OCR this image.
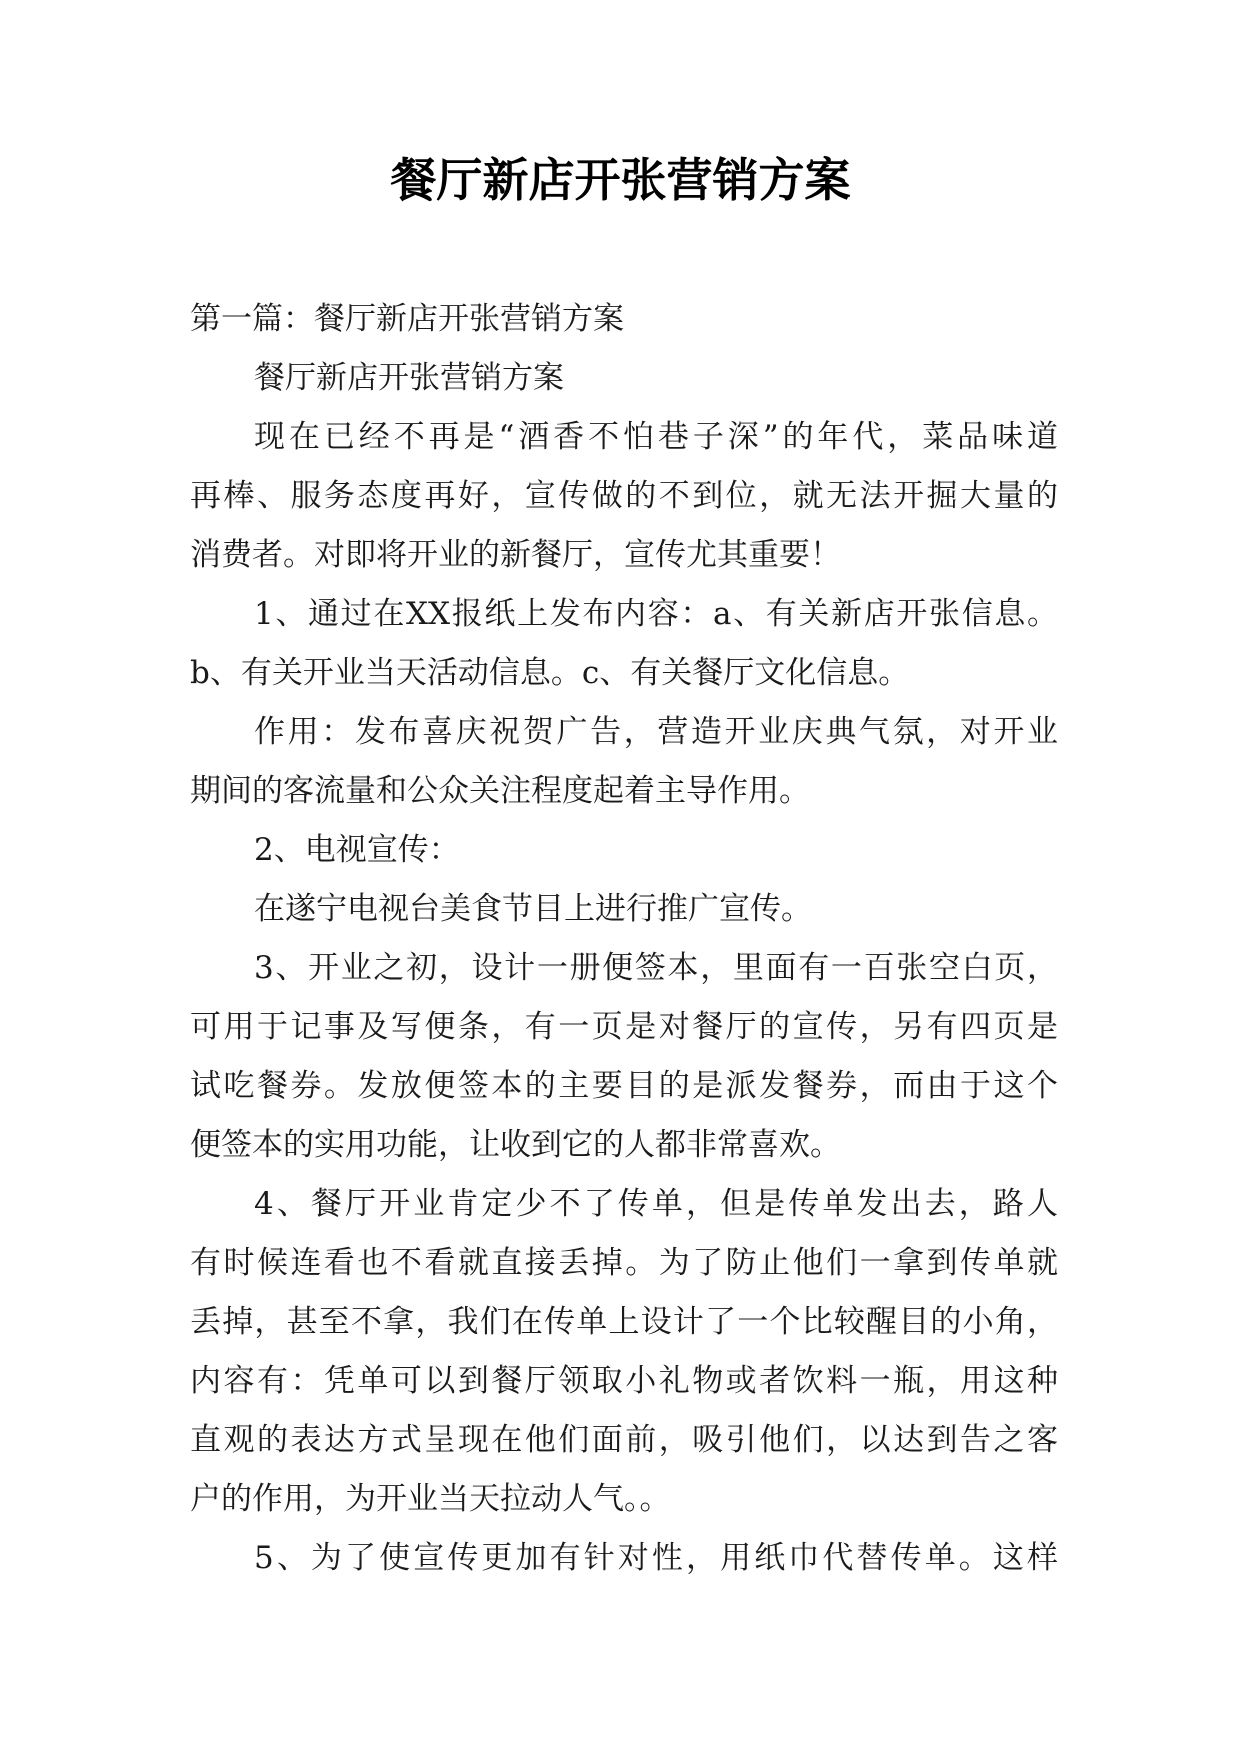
餐厅新店开张营销方案
第一篇：餐厅新店开张营销方案
餐厅新店开张营销方案
现在已经不再是“酒香不怕巷子深”的年代，菜品味道
再棒、服务态度再好，宣传做的不到位，就无法开掘大量的
消费者。对即将开业的新餐厅，宣传尤其重要！
1、通过在XX报纸上发布内容：a、有关新店开张信息。
b、有关开业当天活动信息。c、有关餐厅文化信息。
作用：发布喜庆祝贺广告，营造开业庆典气氛，对开业
期间的客流量和公众关注程度起着主导作用。
2、电视宣传：
在遂宁电视台美食节目上进行推广宣传。
3、开业之初，设计一册便签本，里面有一百张空白页，
可用于记事及写便条，有一页是对餐厅的宣传，另有四页是
试吃餐券。发放便签本的主要目的是派发餐券，而由于这个
便签本的实用功能，让收到它的人都非常喜欢。
4、餐厅开业肯定少不了传单，但是传单发出去，路人
有时候连看也不看就直接丢掉。为了防止他们一拿到传单就
丢掉，甚至不拿，我们在传单上设计了一个比较醒目的小角，
内容有：凭单可以到餐厅领取小礼物或者饮料一瓶，用这种
直观的表达方式呈现在他们面前，吸引他们，以达到告之客
户的作用，为开业当天拉动人气。。
5、为了使宣传更加有针对性，用纸巾代替传单。这样
